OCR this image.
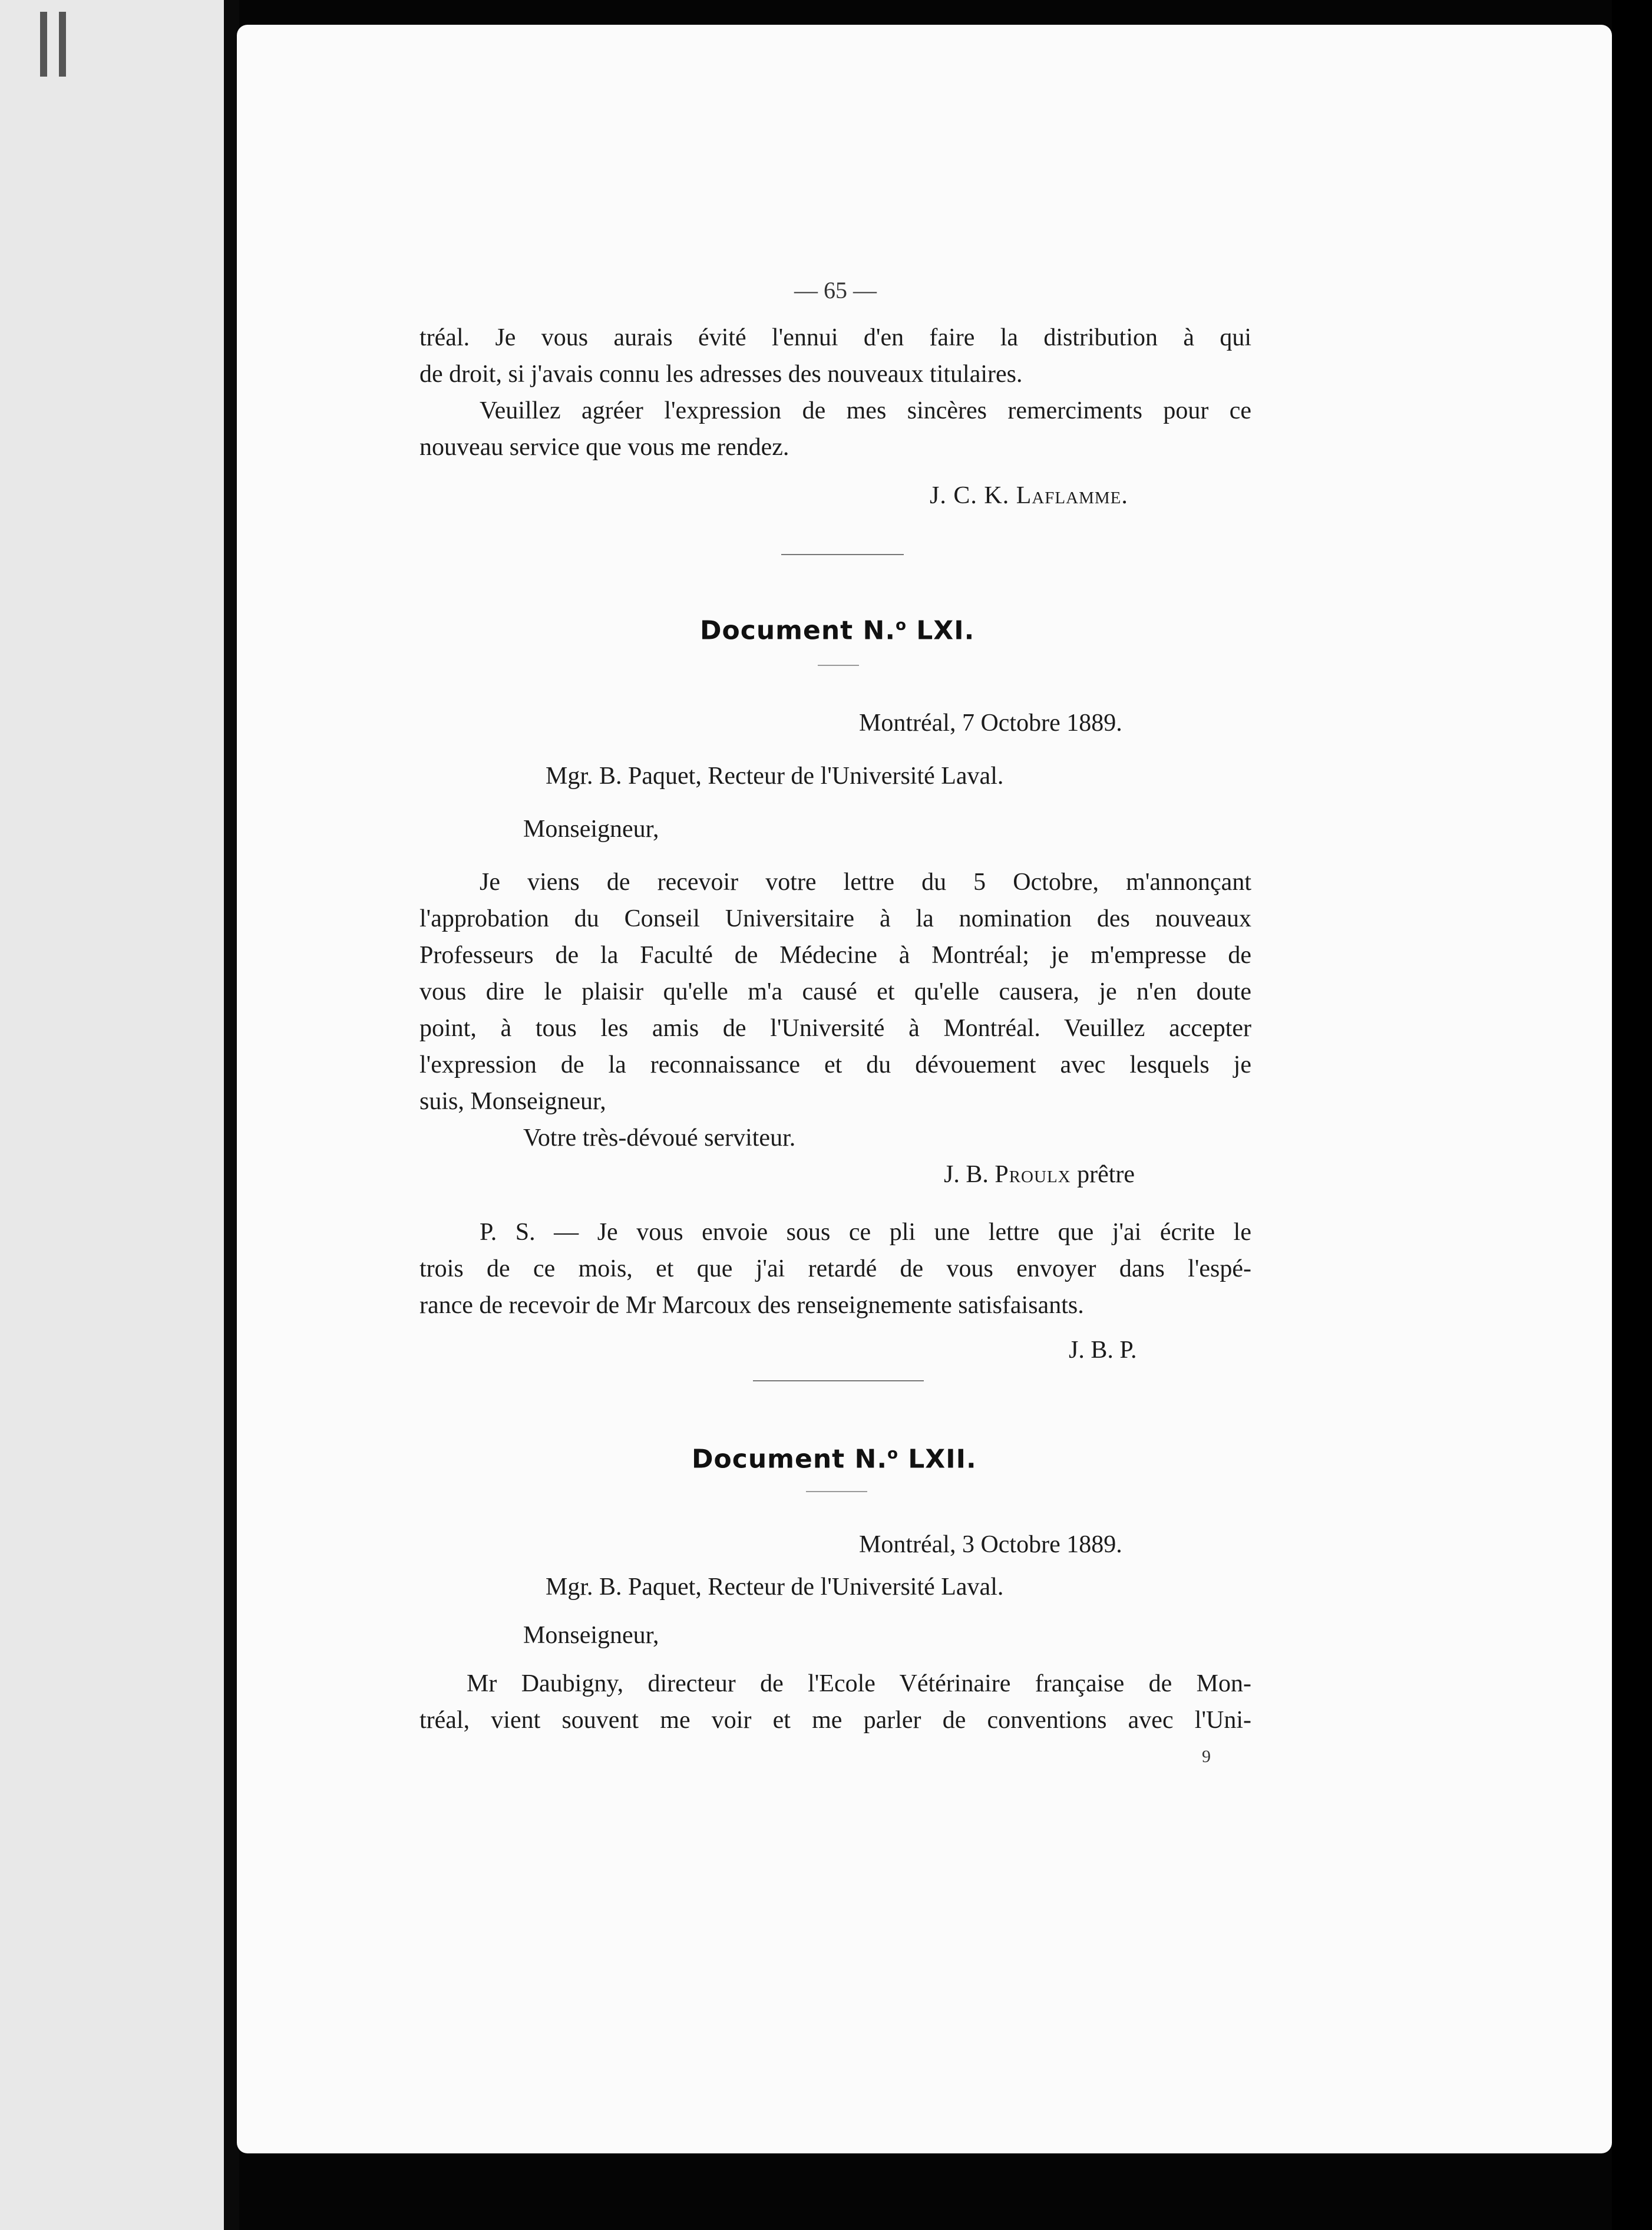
— 65 —
tréal. Je vous aurais évité l'ennui d'en faire la distribution à qui
de droit, si j'avais connu les adresses des nouveaux titulaires.
Veuillez agréer l'expression de mes sincères remerciments pour ce
nouveau service que vous me rendez.
J. C. K. Laflamme.
Document N.$^o$ LXI.
Montréal, 7 Octobre 1889.
Mgr. B. Paquet, Recteur de l'Université Laval.
Monseigneur,
Je viens de recevoir votre lettre du 5 Octobre, m'annonçant
l'approbation du Conseil Universitaire à la nomination des nouveaux
Professeurs de la Faculté de Médecine à Montréal; je m'empresse de
vous dire le plaisir qu'elle m'a causé et qu'elle causera, je n'en doute
point, à tous les amis de l'Université à Montréal. Veuillez accepter
l'expression de la reconnaissance et du dévouement avec lesquels je
suis, Monseigneur,
Votre très-dévoué serviteur.
J. B. Proulx prêtre
P. S. — Je vous envoie sous ce pli une lettre que j'ai écrite le
trois de ce mois, et que j'ai retardé de vous envoyer dans l'espé-
rance de recevoir de Mr Marcoux des renseignemente satisfaisants.
J. B. P.
Document N.$^o$ LXII.
Montréal, 3 Octobre 1889.
Mgr. B. Paquet, Recteur de l'Université Laval.
Monseigneur,
Mr Daubigny, directeur de l'Ecole Vétérinaire française de Mon-
tréal, vient souvent me voir et me parler de conventions avec l'Uni-
9
